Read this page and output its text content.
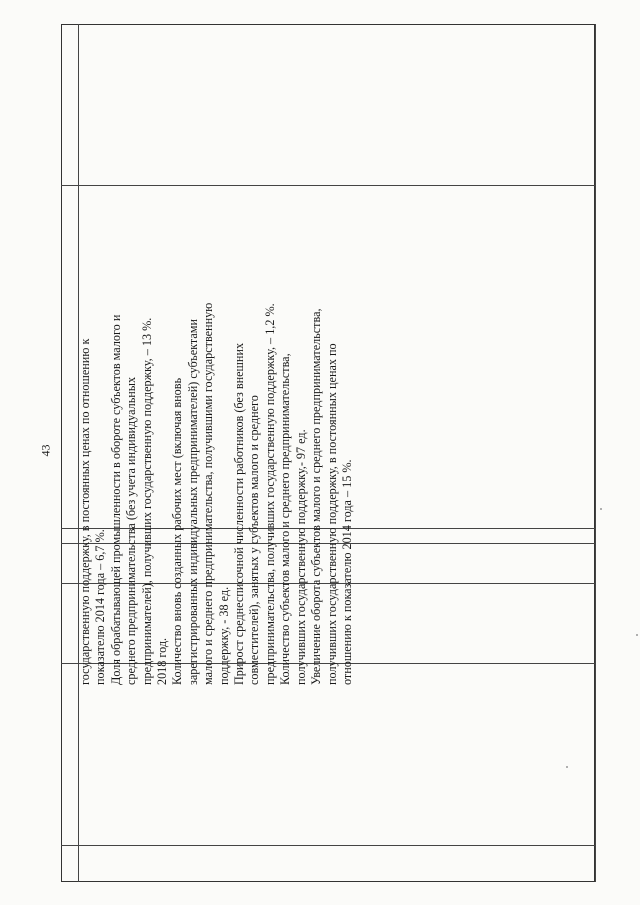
43 государственную поддержку, в постоянных ценах по отношению к показателю 2014 года – 6,7 %. Доля обрабатывающей промышленности в обороте субъектов малого и среднего предпринимательства (без учета индивидуальных предпринимателей), получивших государственную поддержку, – 13 %. 2018 год. Количество вновь созданных рабочих мест (включая вновь зарегистрированных индивидуальных предпринимателей) субъектами малого и среднего предпринимательства, получившими государственную поддержку, - 38 ед. Прирост среднесписочной численности работников (без внешних совместителей), занятых у субъектов малого и среднего предпринимательства, получивших государственную поддержку, – 1,2 %. Количество субъектов малого и среднего предпринимательства, получивших государственную поддержку,- 97 ед. Увеличение оборота субъектов малого и среднего предпринимательства, получивших государственную поддержку, в постоянных ценах по отношению к показателю 2014 года – 15 %.
